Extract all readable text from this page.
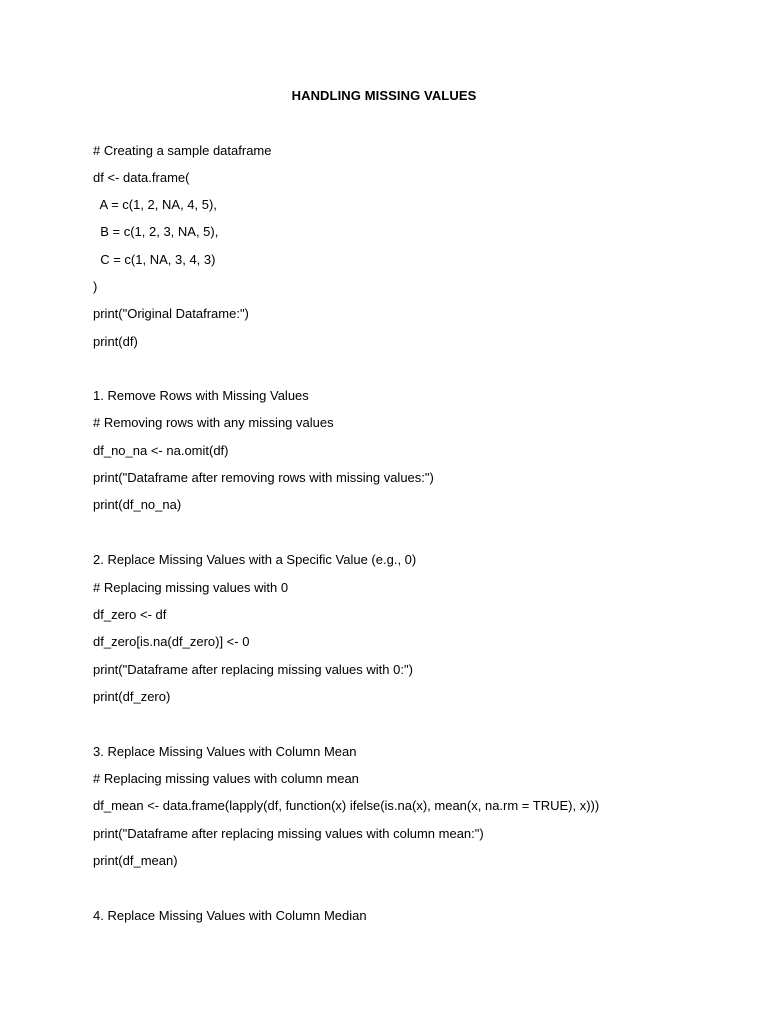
HANDLING MISSING VALUES
# Creating a sample dataframe
df <- data.frame(
A = c(1, 2, NA, 4, 5),
B = c(1, 2, 3, NA, 5),
C = c(1, NA, 3, 4, 3)
)
print("Original Dataframe:")
print(df)
1. Remove Rows with Missing Values
# Removing rows with any missing values
df_no_na <- na.omit(df)
print("Dataframe after removing rows with missing values:")
print(df_no_na)
2. Replace Missing Values with a Specific Value (e.g., 0)
# Replacing missing values with 0
df_zero <- df
df_zero[is.na(df_zero)] <- 0
print("Dataframe after replacing missing values with 0:")
print(df_zero)
3. Replace Missing Values with Column Mean
# Replacing missing values with column mean
df_mean <- data.frame(lapply(df, function(x) ifelse(is.na(x), mean(x, na.rm = TRUE), x)))
print("Dataframe after replacing missing values with column mean:")
print(df_mean)
4. Replace Missing Values with Column Median
